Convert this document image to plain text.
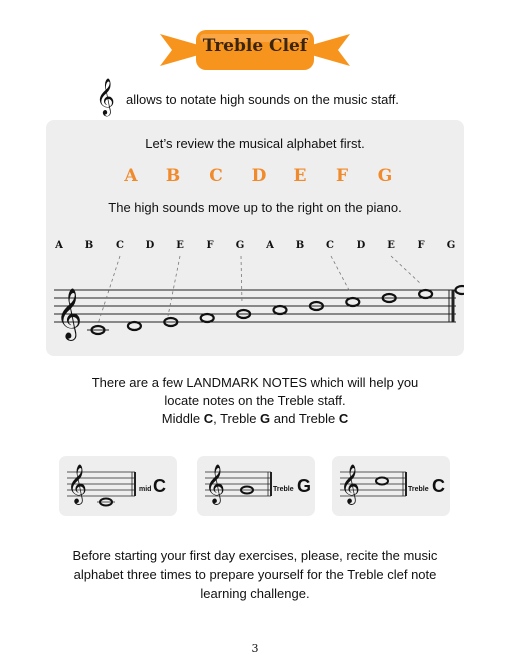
Treble Clef
𝄞 allows to notate high sounds on the music staff.
Let’s review the musical alphabet first.
A B C D E F G
The high sounds move up to the right on the piano.
A	B	C	D	E	F	G	A	B	C	D	E	F	G
𝄞
There are a few LANDMARK NOTES which will help you
locate notes on the Treble staff.
Middle C, Treble G and Treble C
𝄞	mid C 𝄞	Treble G 𝄞	Treble C
Before starting your first day exercises, please, recite the music
alphabet three times to prepare yourself for the Treble clef note
learning challenge.
3
